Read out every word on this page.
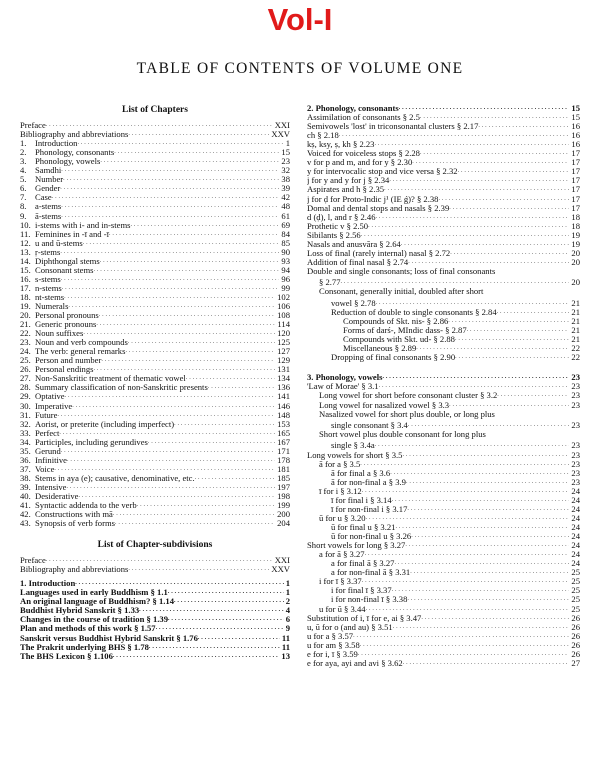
Vol-I
TABLE OF CONTENTS OF VOLUME ONE
List of Chapters
Preface . . .	XXI
Bibliography and abbreviations . . .	XXV
1. Introduction . . .	1
2. Phonology, consonants . . .	15
3. Phonology, vowels . . .	23
4. Samdhi . . .	32
5. Number . . .	38
6. Gender . . .	39
7. Case . . .	42
8. a-stems . . .	48
9. ā-stems . . .	61
10. i-stems with i- and in-stems . . .	69
11. Feminines in -ī and -ī . . .	84
12. u and ū-stems . . .	85
13. ṛ-stems . . .	90
14. Diphthongal stems . . .	93
15. Consonant stems . . .	94
16. s-stems . . .	96
17. n-stems . . .	99
18. nt-stems . . .	102
19. Numerals . . .	106
20. Personal pronouns . . .	108
21. Generic pronouns . . .	114
22. Noun suffixes . . .	120
23. Noun and verb compounds . . .	125
24. The verb: general remarks . . .	127
25. Person and number . . .	129
26. Personal endings . . .	131
27. Non-Sanskritic treatment of thematic vowel . . .	134
28. Summary classification of non-Sanskritic presents . . .	136
29. Optative . . .	141
30. Imperative . . .	146
31. Future . . .	148
32. Aorist, or preterite (including imperfect) . . .	153
33. Perfect . . .	165
34. Participles, including gerundives . . .	167
35. Gerund . . .	171
36. Infinitive . . .	178
37. Voice . . .	181
38. Stems in aya (e); causative, denominative, etc. . . .	185
39. Intensive . . .	197
40. Desiderative . . .	198
41. Syntactic addenda to the verb . . .	199
42. Constructions with mā . . .	200
43. Synopsis of verb forms . . .	204
List of Chapter-subdivisions
Preface . . .	XXI
Bibliography and abbreviations . . .	XXV
1. Introduction . . .	1
Languages used in early Buddhism § 1.1 . . .	1
An original language of Buddhism? § 1.14 . . .	2
Buddhist Hybrid Sanskrit § 1.33 . . .	4
Changes in the course of tradition § 1.39 . . .	6
Plan and methods of this work § 1.57 . . .	9
Sanskrit versus Buddhist Hybrid Sanskrit § 1.76 . . .	11
The Prakrit underlying BHS § 1.78 . . .	11
The BHS Lexicon § 1.106 . . .	13
2. Phonology, consonants . . .	15
Assimilation of consonants § 2.5 . . .	15
Semivowels 'lost' in triconsonantal clusters § 2.17 . . .	16
ch § 2.18 . . .	16
kṣ, ksy, ṣ, kh § 2.23 . . .	16
Voiced for voiceless stops § 2.28 . . .	17
v for p and m, and for y § 2.30 . . .	17
y for intervocalic stop and vice versa § 2.32 . . .	17
j for y and y for j § 2.34 . . .	17
Aspirates and h § 2.35 . . .	17
j for ḍ for Proto-Indic j¹ (IE ǵ)? § 2.38 . . .	17
Domal and dental stops and nasals § 2.39 . . .	17
d (ḍ), l, and r § 2.46 . . .	18
Prothetic v § 2.50 . . .	18
Sibilants § 2.56 . . .	19
Nasals and anusvāra § 2.64 . . .	19
Loss of final (rarely internal) nasal § 2.72 . . .	20
Addition of final nasal § 2.74 . . .	20
Double and single consonants; loss of final consonants
§ 2.77 . . .	20
Consonant, generally initial, doubled after short
vowel § 2.78 . . .	21
Reduction of double to single consonants § 2.84 . . .	21
Compounds of Skt. nis- § 2.86 . . .	21
Forms of darś-, MIndic dass- § 2.87 . . .	21
Compounds with Skt. ud- § 2.88 . . .	21
Miscellaneous § 2.89 . . .	22
Dropping of final consonants § 2.90 . . .	22
3. Phonology, vowels . . .	23
'Law of Morae' § 3.1 . . .	23
Long vowel for short before consonant cluster § 3.2 . . .	23
Long vowel for nasalized vowel § 3.3 . . .	23
Nasalized vowel for short plus double, or long plus
single consonant § 3.4 . . .	23
Short vowel plus double consonant for long plus
single § 3.4a . . .	23
Long vowels for short § 3.5 . . .	23
ā for a § 3.5 . . .	23
ā for final a § 3.6 . . .	23
ā for non-final a § 3.9 . . .	23
ī for i § 3.12 . . .	24
ī for final i § 3.14 . . .	24
ī for non-final i § 3.17 . . .	24
ū for u § 3.20 . . .	24
ū for final u § 3.21 . . .	24
ū for non-final u § 3.26 . . .	24
Short vowels for long § 3.27 . . .	24
a for ā § 3.27 . . .	24
a for final ā § 3.27 . . .	24
a for non-final ā § 3.31 . . .	25
i for ī § 3.37 . . .	25
i for final ī § 3.37 . . .	25
i for non-final ī § 3.38 . . .	25
u for ū § 3.44 . . .	25
Substitution of i, ī for e, ai § 3.47 . . .	26
u, ū for o (and au) § 3.51 . . .	26
u for a § 3.57 . . .	26
u for am § 3.58 . . .	26
e for i, ī § 3.59 . . .	26
e for aya, ayi and avi § 3.62 . . .	27
